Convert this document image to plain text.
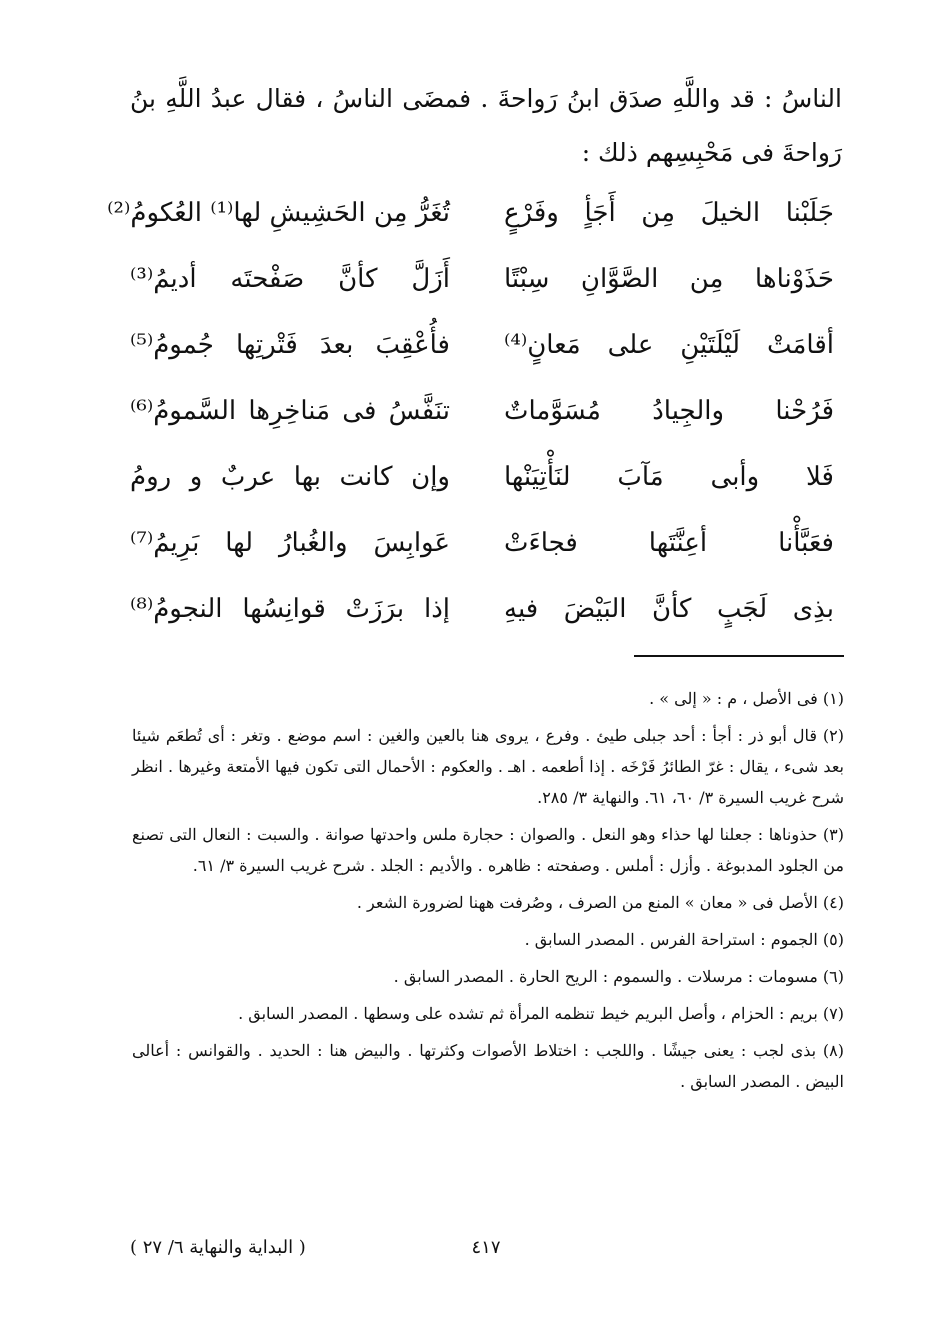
الناسُ : قد واللَّهِ صدَق ابنُ رَواحةَ . فمضَى الناسُ ، فقال عبدُ اللَّهِ بنُ رَواحةَ فى مَحْبِسِهم ذلك :
جَلَبْنا الخيلَ مِن أَجَأٍ وفَرْعٍ
تُغَرُّ مِن الحَشِيشِ لها⁽¹⁾ العُكومُ⁽²⁾
حَذَوْناها مِن الصَّوَّانِ سِبْتًا
أَزَلَّ كأنَّ صَفْحتَه أديمُ⁽³⁾
أقامَتْ لَيْلَتَيْنِ على مَعانٍ⁽⁴⁾
فأُعْقِبَ بعدَ فَتْرتِها جُمومُ⁽⁵⁾
فَرُحْنا والجِيادُ مُسَوَّماتٌ
تنَفَّسُ فى مَناخِرِها السَّمومُ⁽⁶⁾
فَلا وأبى مَآبَ لنَأْتِيَنْها
وإن كانت بها عربٌ و رومُ
فعَبَّأْنا أعِنَّتَها فجاءَتْ
عَوابِسَ والغُبارُ لها بَرِيمُ⁽⁷⁾
بذِى لَجَبٍ كأنَّ البَيْضَ فيهِ
إذا برَزَتْ قوانِسُها النجومُ⁽⁸⁾

(١) فى الأصل ، م : « إلى » .

(٢) قال أبو ذر : أجأ : أحد جبلى طيئ . وفرع ، يروى هنا بالعين والغين : اسم موضع . وتغر : أى تُطعَم شيئا بعد شىء ، يقال : غرّ الطائرُ فَرْخَه . إذا أطعمه . اهـ . والعكوم : الأحمال التى تكون فيها الأمتعة وغيرها . انظر شرح غريب السيرة ٣/ ٦٠، ٦١. والنهاية ٣/ ٢٨٥.

(٣) حذوناها : جعلنا لها حذاء وهو النعل . والصوان : حجارة ملس واحدتها صوانة . والسبت : النعال التى تصنع من الجلود المدبوغة . وأزل : أملس . وصفحته : ظاهره . والأديم : الجلد . شرح غريب السيرة ٣/ ٦١.

(٤) الأصل فى « معان » المنع من الصرف ، وصُرفت ههنا لضرورة الشعر .

(٥) الجموم : استراحة الفرس . المصدر السابق .

(٦) مسومات : مرسلات . والسموم : الريح الحارة . المصدر السابق .

(٧) بريم : الحزام ، وأصل البريم خيط تنظمه المرأة ثم تشده على وسطها . المصدر السابق .

(٨) بذى لجب : يعنى جيشًا . واللجب : اختلاط الأصوات وكثرتها . والبيض هنا : الحديد . والقوانس : أعالى البيض . المصدر السابق .

٤١٧
( البداية والنهاية ٦/ ٢٧ )
